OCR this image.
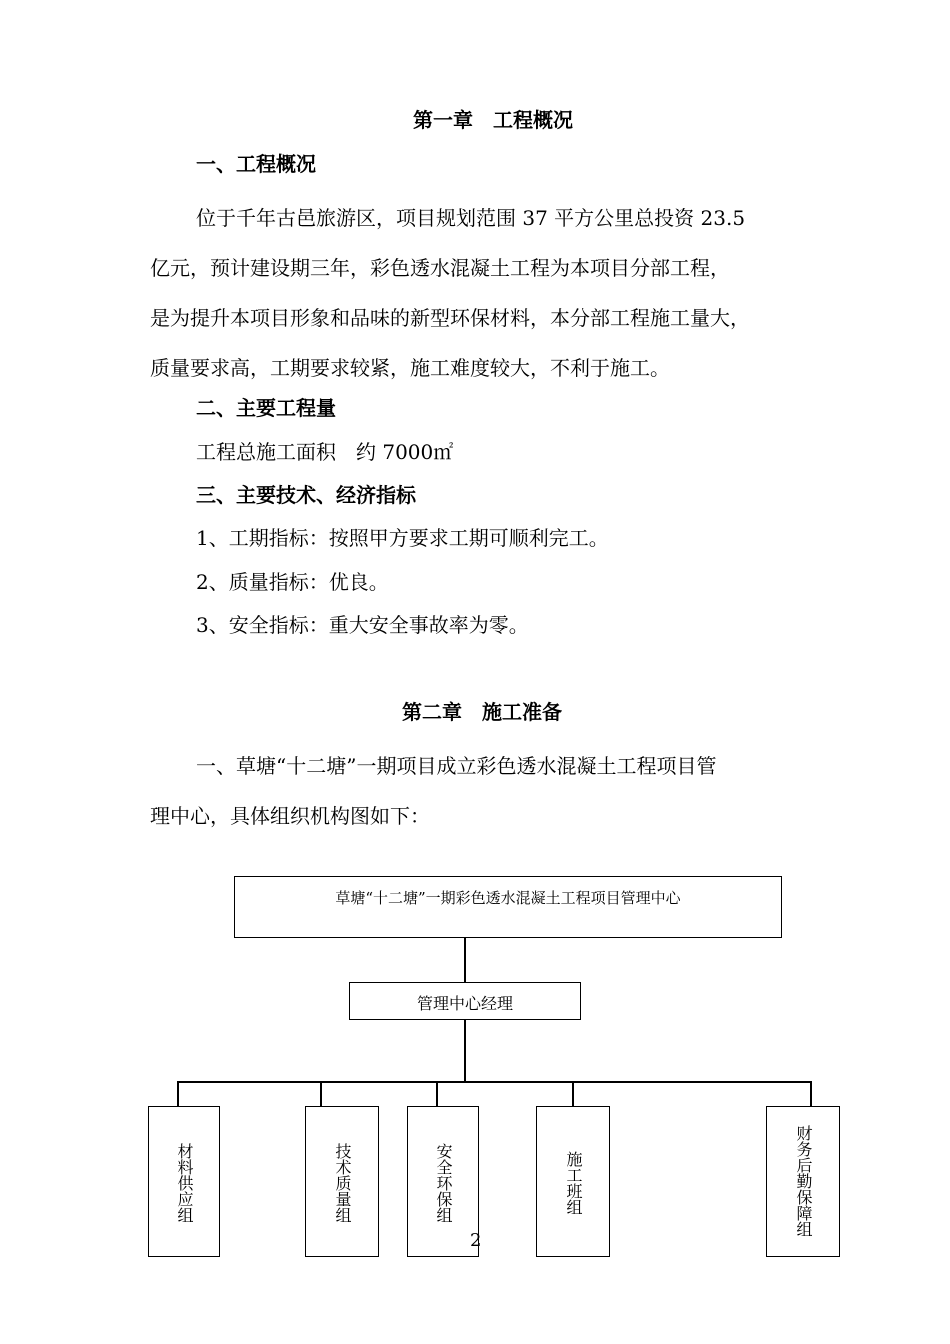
第一章　工程概况
一、工程概况
位于千年古邑旅游区，项目规划范围 37 平方公里总投资 23.5
亿元，预计建设期三年，彩色透水混凝土工程为本项目分部工程，
是为提升本项目形象和品味的新型环保材料，本分部工程施工量大，
质量要求高，工期要求较紧，施工难度较大，不利于施工。
二、主要工程量
工程总施工面积　约 7000㎡
三、主要技术、经济指标
1、工期指标：按照甲方要求工期可顺利完工。
2、质量指标：优良。
3、安全指标：重大安全事故率为零。
第二章　施工准备
一、草塘“十二塘”一期项目成立彩色透水混凝土工程项目管
理中心，具体组织机构图如下：
草塘“十二塘”一期彩色透水混凝土工程项目管理中心
管理中心经理
材料供应组	技术质量组	安全环保组	施工班组	财务后勤保障组
2
